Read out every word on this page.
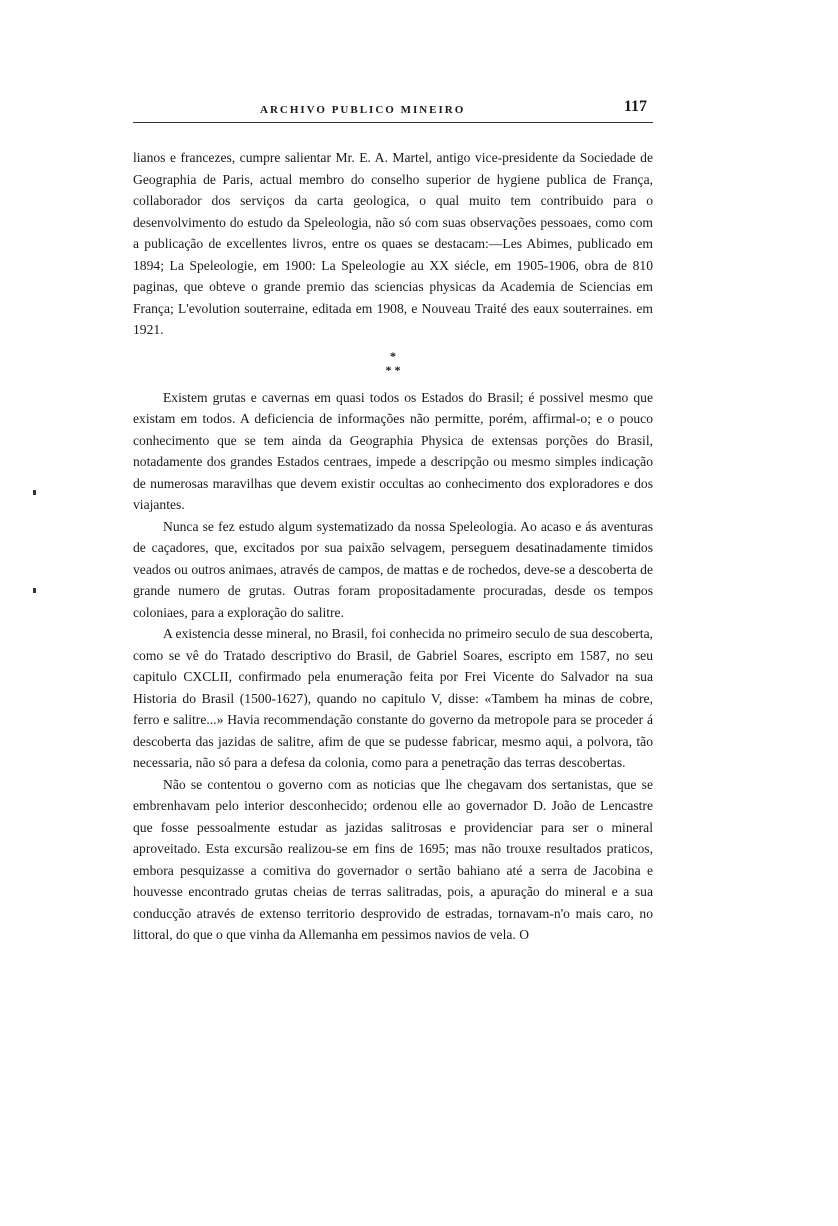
ARCHIVO PUBLICO MINEIRO	117

lianos e francezes, cumpre salientar Mr. E. A. Martel, antigo vice-presidente da Sociedade de Geographia de Paris, actual membro do conselho superior de hygiene publica de França, collaborador dos serviços da carta geologica, o qual muito tem contribuido para o desenvolvimento do estudo da Speleologia, não só com suas observações pessoaes, como com a publicação de excellentes livros, entre os quaes se destacam:—Les Abimes, publicado em 1894; La Speleologie, em 1900: La Speleologie au XX siécle, em 1905-1906, obra de 810 paginas, que obteve o grande premio das sciencias physicas da Academia de Sciencias em França; L'evolution souterraine, editada em 1908, e Nouveau Traité des eaux souterraines. em 1921.

*
* *

Existem grutas e cavernas em quasi todos os Estados do Brasil; é possivel mesmo que existam em todos. A deficiencia de informações não permitte, porém, affirmal-o; e o pouco conhecimento que se tem ainda da Geographia Physica de extensas porções do Brasil, notadamente dos grandes Estados centraes, impede a descripção ou mesmo simples indicação de numerosas maravilhas que devem existir occultas ao conhecimento dos exploradores e dos viajantes.

Nunca se fez estudo algum systematizado da nossa Speleologia. Ao acaso e ás aventuras de caçadores, que, excitados por sua paixão selvagem, perseguem desatinadamente timidos veados ou outros animaes, através de campos, de mattas e de rochedos, deve-se a descoberta de grande numero de grutas. Outras foram propositadamente procuradas, desde os tempos coloniaes, para a exploração do salitre.

A existencia desse mineral, no Brasil, foi conhecida no primeiro seculo de sua descoberta, como se vê do Tratado descriptivo do Brasil, de Gabriel Soares, escripto em 1587, no seu capitulo CXCLII, confirmado pela enumeração feita por Frei Vicente do Salvador na sua Historia do Brasil (1500-1627), quando no capitulo V, disse: «Tambem ha minas de cobre, ferro e salitre...» Havia recommendação constante do governo da metropole para se proceder á descoberta das jazidas de salitre, afim de que se pudesse fabricar, mesmo aqui, a polvora, tão necessaria, não só para a defesa da colonia, como para a penetração das terras descobertas.

Não se contentou o governo com as noticias que lhe chegavam dos sertanistas, que se embrenhavam pelo interior desconhecido; ordenou elle ao governador D. João de Lencastre que fosse pessoalmente estudar as jazidas salitrosas e providenciar para ser o mineral aproveitado. Esta excursão realizou-se em fins de 1695; mas não trouxe resultados praticos, embora pesquizasse a comitiva do governador o sertão bahiano até a serra de Jacobina e houvesse encontrado grutas cheias de terras salitradas, pois, a apuração do mineral e a sua conducção através de extenso territorio desprovido de estradas, tornavam-n'o mais caro, no littoral, do que o que vinha da Allemanha em pessimos navios de vela. O
